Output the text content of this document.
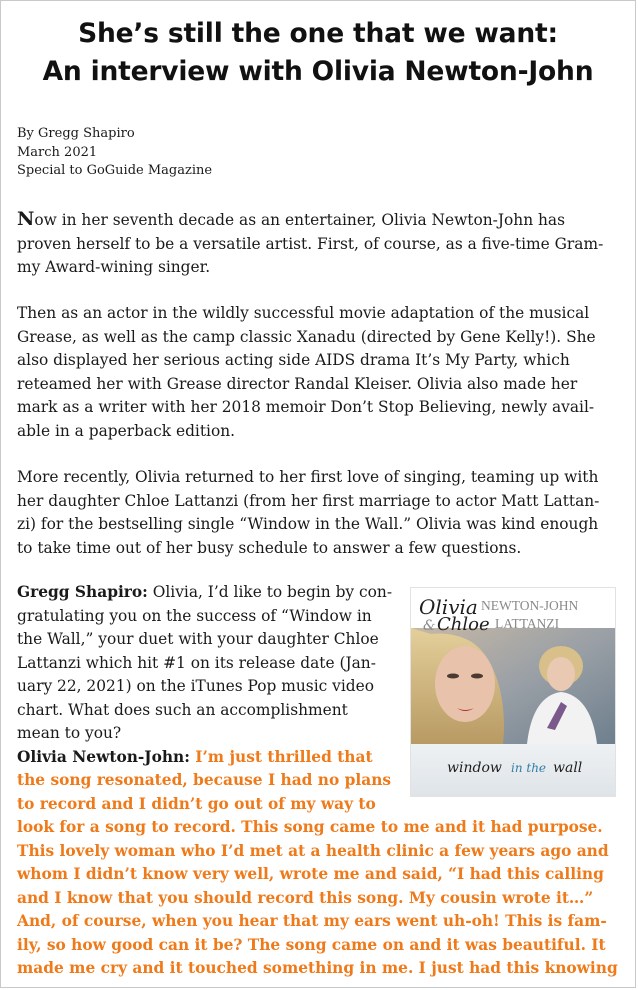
She’s still the one that we want:
An interview with Olivia Newton-John
By Gregg Shapiro
March 2021
Special to GoGuide Magazine

Now in her seventh decade as an entertainer, Olivia Newton-John has
proven herself to be a versatile artist. First, of course, as a five-time Gram-
my Award-wining singer.

Then as an actor in the wildly successful movie adaptation of the musical
Grease, as well as the camp classic Xanadu (directed by Gene Kelly!). She
also displayed her serious acting side AIDS drama It’s My Party, which
reteamed her with Grease director Randal Kleiser. Olivia also made her
mark as a writer with her 2018 memoir Don’t Stop Believing, newly avail-
able in a paperback edition.

More recently, Olivia returned to her first love of singing, teaming up with
her daughter Chloe Lattanzi (from her first marriage to actor Matt Lattan-
zi) for the bestselling single “Window in the Wall.” Olivia was kind enough
to take time out of her busy schedule to answer a few questions.

Olivia NEWTON-JOHN
& Chloe LATTANZI
window in the wall

Gregg Shapiro: Olivia, I’d like to begin by con-
gratulating you on the success of “Window in
the Wall,” your duet with your daughter Chloe
Lattanzi which hit #1 on its release date (Jan-
uary 22, 2021) on the iTunes Pop music video
chart. What does such an accomplishment
mean to you?
Olivia Newton-John: I’m just thrilled that
the song resonated, because I had no plans
to record and I didn’t go out of my way to
look for a song to record. This song came to me and it had purpose.
This lovely woman who I’d met at a health clinic a few years ago and
whom I didn’t know very well, wrote me and said, “I had this calling
and I know that you should record this song. My cousin wrote it…”
And, of course, when you hear that my ears went uh-oh! This is fam-
ily, so how good can it be? The song came on and it was beautiful. It
made me cry and it touched something in me. I just had this knowing
